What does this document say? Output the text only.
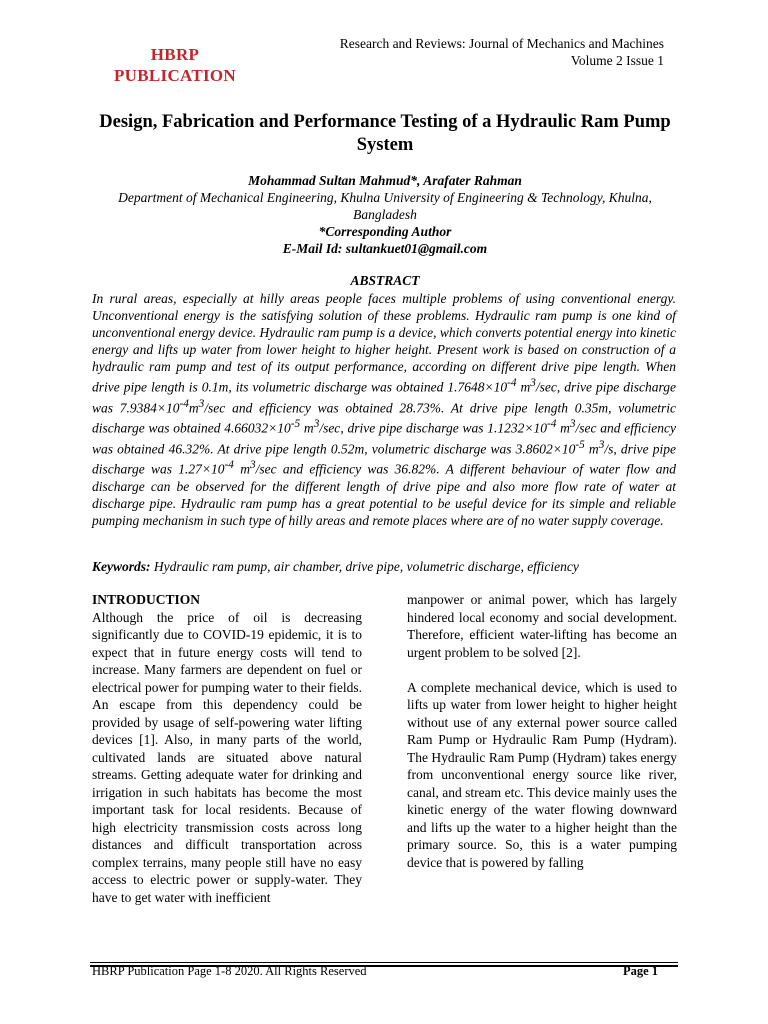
HBRP
PUBLICATION
Research and Reviews: Journal of Mechanics and Machines
Volume 2 Issue 1
Design, Fabrication and Performance Testing of a Hydraulic Ram Pump System
Mohammad Sultan Mahmud*, Arafater Rahman
Department of Mechanical Engineering, Khulna University of Engineering & Technology, Khulna, Bangladesh
*Corresponding Author
E-Mail Id: sultankuet01@gmail.com
ABSTRACT

In rural areas, especially at hilly areas people faces multiple problems of using conventional energy. Unconventional energy is the satisfying solution of these problems. Hydraulic ram pump is one kind of unconventional energy device. Hydraulic ram pump is a device, which converts potential energy into kinetic energy and lifts up water from lower height to higher height. Present work is based on construction of a hydraulic ram pump and test of its output performance, according on different drive pipe length. When drive pipe length is 0.1m, its volumetric discharge was obtained $1.7648\times 10^{-4}$ $m^3/\sec$, drive pipe discharge was $7.9384\times 10^{-4}m^3/\sec$ and efficiency was obtained 28.73%. At drive pipe length 0.35m, volumetric discharge was obtained $4.66032\times 10^{-5}$ $m^3/\sec$, drive pipe discharge was $1.1232\times 10^{-4}$ $m^3/\sec$ and efficiency was obtained 46.32%. At drive pipe length 0.52m, volumetric discharge was $3.8602\times 10^{-5}$ $m^3/s$, drive pipe discharge was $1.27\times 10^{-4}$ $m^3/\sec$ and efficiency was 36.82%. A different behaviour of water flow and discharge can be observed for the different length of drive pipe and also more flow rate of water at discharge pipe. Hydraulic ram pump has a great potential to be useful device for its simple and reliable pumping mechanism in such type of hilly areas and remote places where are of no water supply coverage.

Keywords: Hydraulic ram pump, air chamber, drive pipe, volumetric discharge, efficiency
INTRODUCTION

Although the price of oil is decreasing significantly due to COVID-19 epidemic, it is to expect that in future energy costs will tend to increase. Many farmers are dependent on fuel or electrical power for pumping water to their fields. An escape from this dependency could be provided by usage of self-powering water lifting devices [1]. Also, in many parts of the world, cultivated lands are situated above natural streams. Getting adequate water for drinking and irrigation in such habitats has become the most important task for local residents. Because of high electricity transmission costs across long distances and difficult transportation across complex terrains, many people still have no easy access to electric power or supply-water. They have to get water with inefficient

manpower or animal power, which has largely hindered local economy and social development. Therefore, efficient water-lifting has become an urgent problem to be solved [2].

A complete mechanical device, which is used to lifts up water from lower height to higher height without use of any external power source called Ram Pump or Hydraulic Ram Pump (Hydram). The Hydraulic Ram Pump (Hydram) takes energy from unconventional energy source like river, canal, and stream etc. This device mainly uses the kinetic energy of the water flowing downward and lifts up the water to a higher height than the primary source. So, this is a water pumping device that is powered by falling

HBRP Publication Page 1-8 2020. All Rights Reserved	Page 1
